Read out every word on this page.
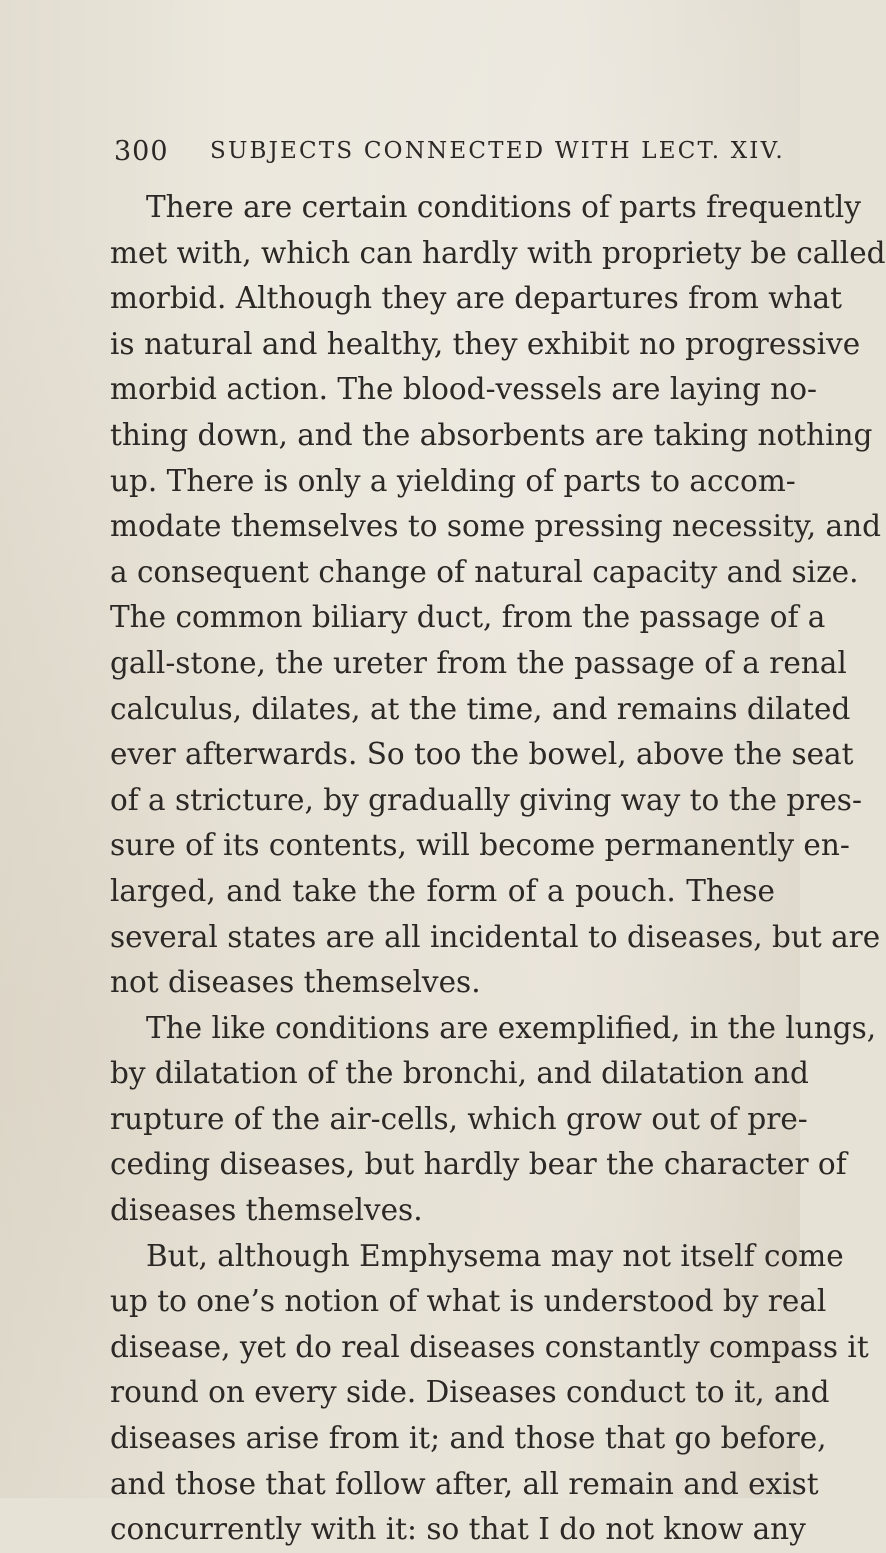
300 SUBJECTS CONNECTED WITH LECT. XIV.
There are certain conditions of parts frequently
met with, which can hardly with propriety be called
morbid. Although they are departures from what
is natural and healthy, they exhibit no progressive
morbid action. The blood-vessels are laying no-
thing down, and the absorbents are taking nothing
up. There is only a yielding of parts to accom-
modate themselves to some pressing necessity, and
a consequent change of natural capacity and size.
The common biliary duct, from the passage of a
gall-stone, the ureter from the passage of a renal
calculus, dilates, at the time, and remains dilated
ever afterwards. So too the bowel, above the seat
of a stricture, by gradually giving way to the pres-
sure of its contents, will become permanently en-
larged, and take the form of a pouch. These
several states are all incidental to diseases, but are
not diseases themselves.
The like conditions are exemplified, in the lungs,
by dilatation of the bronchi, and dilatation and
rupture of the air-cells, which grow out of pre-
ceding diseases, but hardly bear the character of
diseases themselves.
But, although Emphysema may not itself come
up to one’s notion of what is understood by real
disease, yet do real diseases constantly compass it
round on every side. Diseases conduct to it, and
diseases arise from it; and those that go before,
and those that follow after, all remain and exist
concurrently with it: so that I do not know any
